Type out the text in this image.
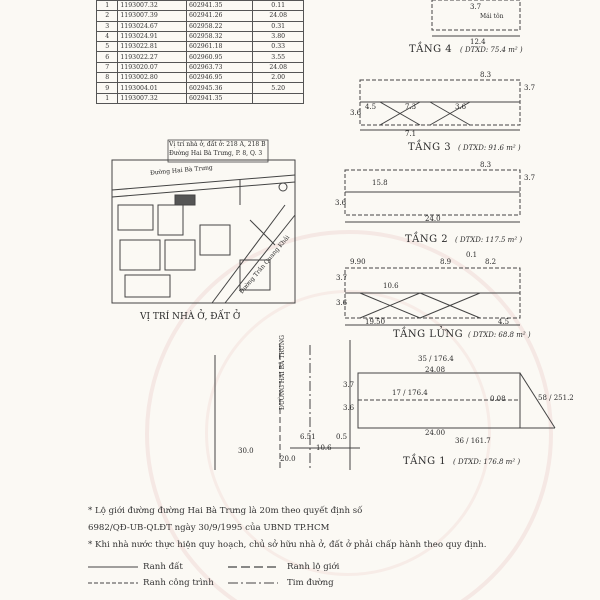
1	1193007.32	602941.35	0.11
2	1193007.39	602941.26	24.08
3	1193024.67	602958.22	0.31
4	1193024.91	602958.32	3.80
5	1193022.81	602961.18	0.33
6	1193022.27	602960.95	3.55
7	1193020.07	602963.73	24.08
8	1193002.80	602946.95	2.00
9	1193004.01	602945.36	5.20
1	1193007.32	602941.35	
Vị trí nhà ở, đất ở: 218 A, 218 B
Đường Hai Bà Trưng, P. 8, Q. 3
Đường Hai Bà Trưng
Đường Trần Quang Khải
VỊ TRÍ NHÀ Ở, ĐẤT Ở
3.7
Mái tôn
12.4
TẦNG 4 ( DTXD: 75.4 m² )
8.3
3.6
3.7
4.5	7.3	3.6
7.1
TẦNG 3 ( DTXD: 91.6 m² )
8.3
15.8
3.6
3.7
24.0
TẦNG 2 ( DTXD: 117.5 m² )
9.90	8.9
0.1
8.2
10.6
3.6
3.7
19.50	4.5
TẦNG LỬNG ( DTXD: 68.8 m² )
ĐƯỜNG HAI BÀ TRƯNG	35 / 176.4
24.08
17 / 176.4
24.00
36 / 161.7
58 / 251.2
3.7
3.6
30.0
20.0
6.51
10.6
0.5
0.08
TẦNG 1 ( DTXD: 176.8 m² )
* Lộ giới đường đường Hai Bà Trưng là 20m theo quyết định số
6982/QĐ-UB-QLĐT ngày 30/9/1995 của UBND TP.HCM
* Khi nhà nước thực hiện quy hoạch, chủ sở hữu nhà ở, đất ở phải chấp hành theo quy định.
Ranh đất	Ranh lộ giới
Ranh công trình	Tim đường
